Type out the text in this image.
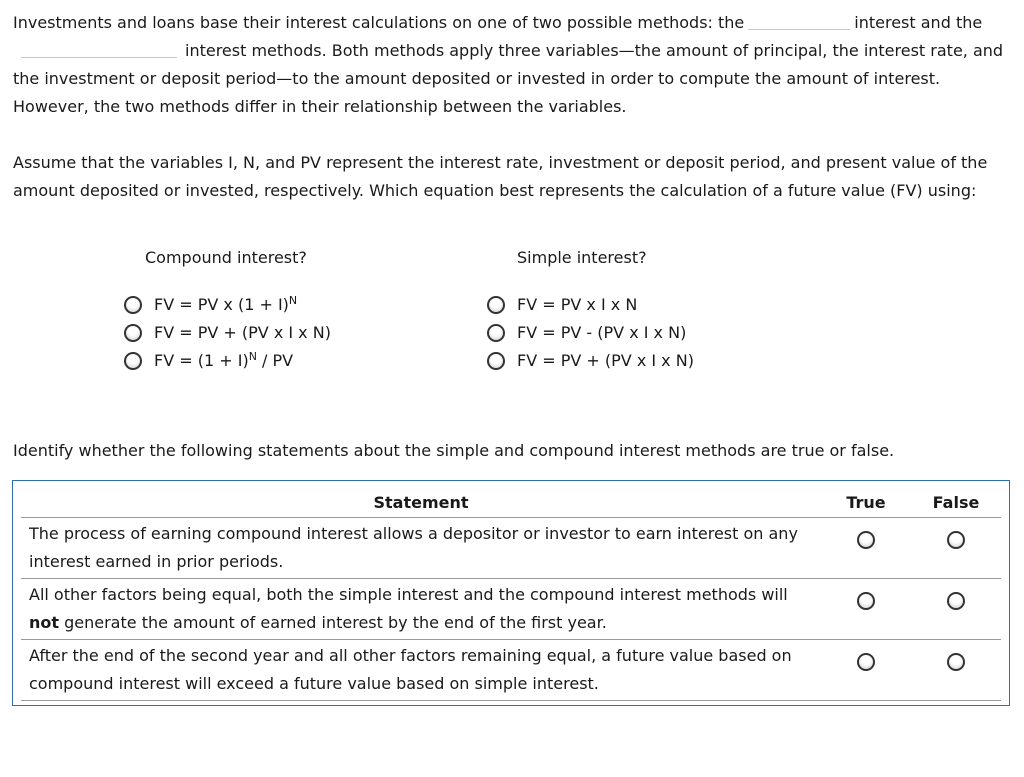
Investments and loans base their interest calculations on one of two possible methods: the	interest and theinterest methods. Both methods apply three variables—the amount of principal, the interest rate, and the investment or deposit period—to the amount deposited or invested in order to compute the amount of interest. However, the two methods differ in their relationship between the variables.

Assume that the variables I, N, and PV represent the interest rate, investment or deposit period, and present value of the amount deposited or invested, respectively. Which equation best represents the calculation of a future value (FV) using:

Compound interest?	Simple interest?
FV = PV x $(1 + I)^N$
FV = PV + (PV x I x N)
FV = $(1 + I)^N$ / PV
FV = PV x I x N
FV = PV - (PV x I x N)
FV = PV + (PV x I x N)

Identify whether the following statements about the simple and compound interest methods are true or false.

Statement	True	False
The process of earning compound interest allows a depositor or investor to earn interest on any interest earned in prior periods.		
All other factors being equal, both the simple interest and the compound interest methods will not generate the amount of earned interest by the end of the first year.		
After the end of the second year and all other factors remaining equal, a future value based on compound interest will exceed a future value based on simple interest.		
